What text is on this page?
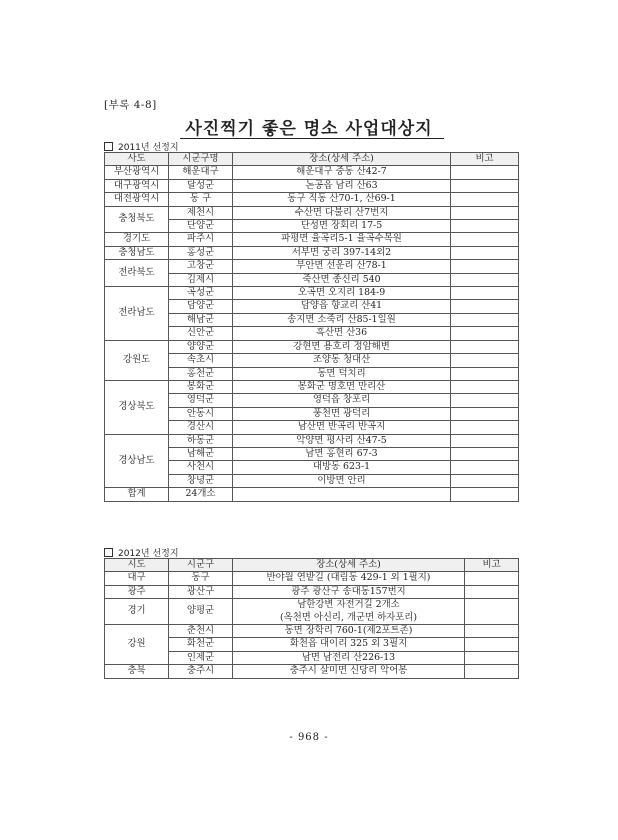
[부록 4-8]
사진찍기 좋은 명소 사업대상지
2011년 선정지
사도	시군구명	장소(상세 주소)	비고
부산광역시	해운대구	해운대구 중동 산42-7	
대구광역시	달성군	논공읍 남리 산63	
대전광역시	동 구	동구 직동 산70-1, 산69-1	
충청북도	제천시	수산면 다불리 산7번지	
	단양군	단성면 장회리 17-5	
경기도	파주시	파평면 율곡리5-1 율곡수목원	
충청남도	홍성군	서부면 궁리 397-14외2	
전라북도	고창군	부안면 선운리 산78-1	
	김제시	죽산면 종신리 540	
전라남도	곡성군	오곡면 오지리 184-9	
	담양군	담양읍 향교리 산41	
	해남군	송지면 소죽리 산85-1일원	
	신안군	흑산면 산36	
강원도	양양군	강현면 용호리 정암해변	
	속초시	조양동 청대산	
	홍천군	동면 덕치리	
경상북도	봉화군	봉화군 명호면 만리산	
	영덕군	영덕읍 창포리	
	안동시	풍천면 광덕리	
	경산시	남산면 반곡리 반곡지	
경상남도	하동군	악양면 평사리 산47-5	
	남해군	남면 홍현리 67-3	
	사천시	대방동 623-1	
	창녕군	이방면 안리	
합계	24개소		
2012년 선정지
시도	시군구	장소(상세 주소)	비고
대구	동구	반야월 연밭길 (대림동 429-1 외 1필지)	
광주	광산구	광주 광산구 송대동157번지	
경기	양평군	남한강변 자전거길 2개소
(옥천면 아신리, 개군면 하자포리)	

강원	춘천시	동면 장학리 760-1(제2포트존)	
	화천군	화천읍 대이리 325 외 3필지	
	인제군	남면 남전리 산226-13	
충북	충주시	충주시 살미면 신당리 악어봉	
- 968 -
